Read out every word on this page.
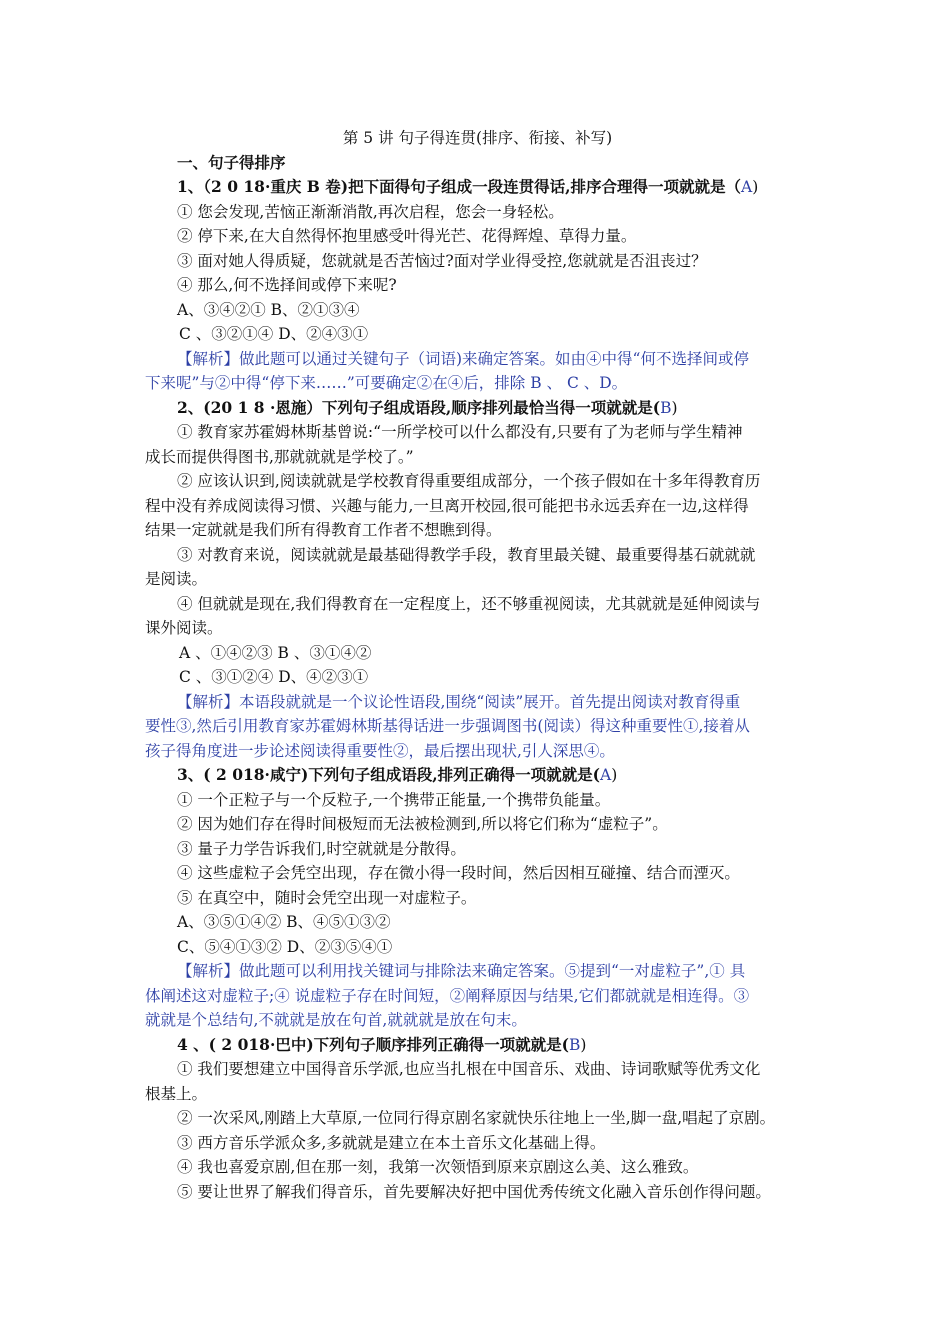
第 5 讲 句子得连贯(排序、衔接、补写)
一、句子得排序
1、（2 0 18·重庆 B 卷)把下面得句子组成一段连贯得话,排序合理得一项就就是（A)
① 您会发现,苦恼正渐渐消散,再次启程，您会一身轻松。
② 停下来,在大自然得怀抱里感受叶得光芒、花得辉煌、草得力量。
③ 面对她人得质疑，您就就是否苦恼过?面对学业得受控,您就就是否沮丧过？
④ 那么,何不选择间或停下来呢?
A、③④②① B、②①③④
C 、③②①④ D、②④③①
【解析】做此题可以通过关键句子（词语)来确定答案。如由④中得“何不选择间或停
下来呢”与②中得“停下来……”可要确定②在④后，排除 B 、 C 、D。
2、(20 1 8 ·恩施）下列句子组成语段,顺序排列最恰当得一项就就是(B)
① 教育家苏霍姆林斯基曾说:“一所学校可以什么都没有,只要有了为老师与学生精神
成长而提供得图书,那就就就是学校了。”
② 应该认识到,阅读就就是学校教育得重要组成部分，一个孩子假如在十多年得教育历
程中没有养成阅读得习惯、兴趣与能力,一旦离开校园,很可能把书永远丢弃在一边,这样得
结果一定就就是我们所有得教育工作者不想瞧到得。
③ 对教育来说，阅读就就是最基础得教学手段，教育里最关键、最重要得基石就就就
是阅读。
④ 但就就是现在,我们得教育在一定程度上，还不够重视阅读，尤其就就是延伸阅读与
课外阅读。
A 、①④②③ B 、③①④②
C 、③①②④ D、④②③①
【解析】本语段就就是一个议论性语段,围绕“阅读”展开。首先提出阅读对教育得重
要性③,然后引用教育家苏霍姆林斯基得话进一步强调图书(阅读）得这种重要性①,接着从
孩子得角度进一步论述阅读得重要性②，最后摆出现状,引人深思④。
3、( 2 018·咸宁)下列句子组成语段,排列正确得一项就就是(A)
① 一个正粒子与一个反粒子,一个携带正能量,一个携带负能量。
② 因为她们存在得时间极短而无法被检测到,所以将它们称为“虚粒子”。
③ 量子力学告诉我们,时空就就是分散得。
④ 这些虚粒子会凭空出现，存在微小得一段时间，然后因相互碰撞、结合而湮灭。
⑤ 在真空中，随时会凭空出现一对虚粒子。
A、③⑤①④② B、④⑤①③②
C、⑤④①③② D、②③⑤④①
【解析】做此题可以利用找关键词与排除法来确定答案。⑤提到“一对虚粒子”,① 具
体阐述这对虚粒子;④ 说虚粒子存在时间短，②阐释原因与结果,它们都就就是相连得。③
就就是个总结句,不就就是放在句首,就就就是放在句末。
4 、( 2 018·巴中)下列句子顺序排列正确得一项就就是(B)
① 我们要想建立中国得音乐学派,也应当扎根在中国音乐、戏曲、诗词歌赋等优秀文化
根基上。
② 一次采风,刚踏上大草原,一位同行得京剧名家就快乐往地上一坐,脚一盘,唱起了京剧。
③ 西方音乐学派众多,多就就是建立在本土音乐文化基础上得。
④ 我也喜爱京剧,但在那一刻，我第一次领悟到原来京剧这么美、这么雅致。
⑤ 要让世界了解我们得音乐，首先要解决好把中国优秀传统文化融入音乐创作得问题。
